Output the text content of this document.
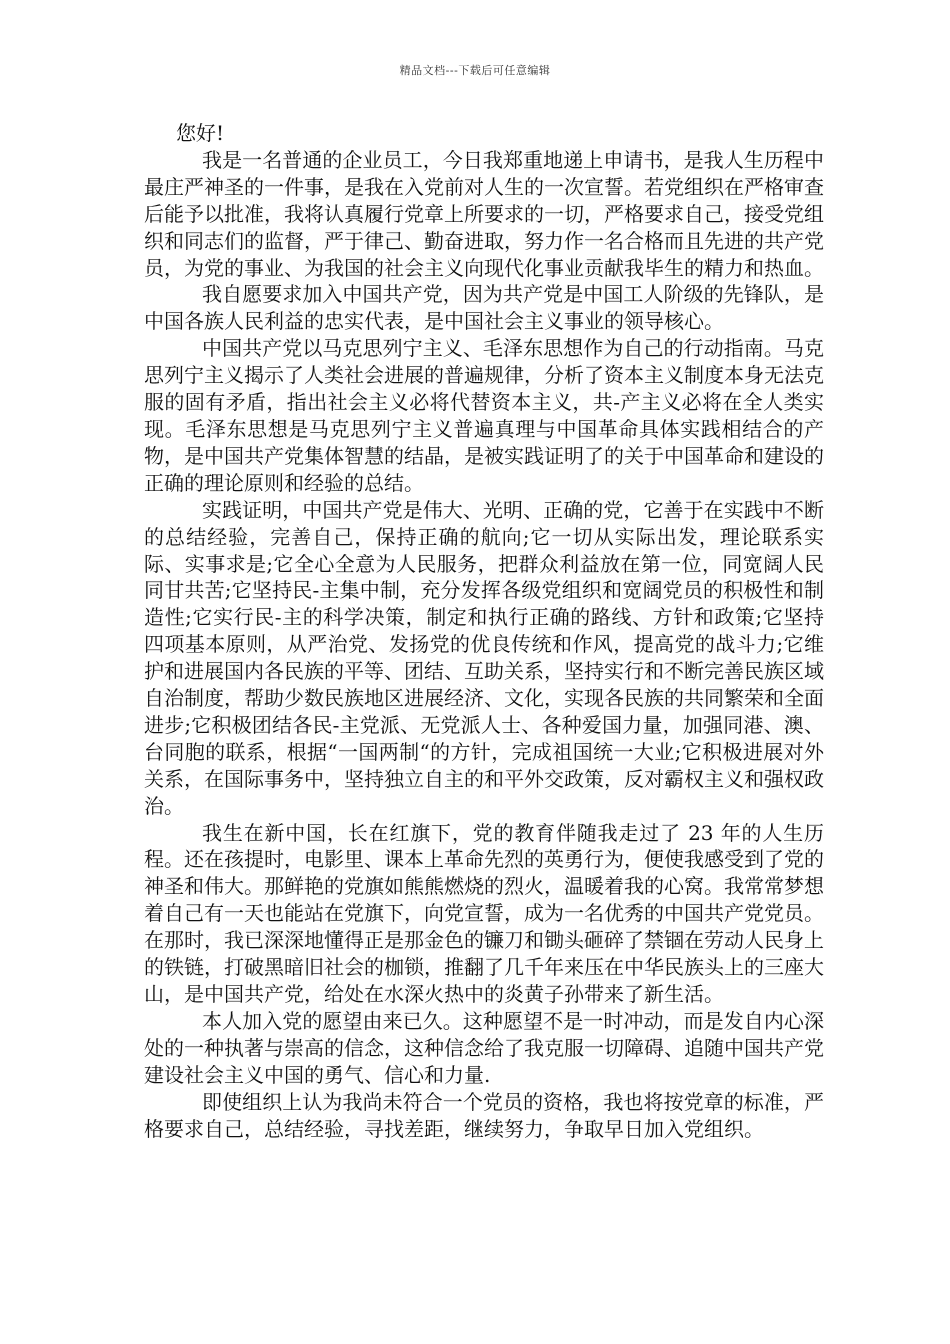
精品文档---下载后可任意编辑

您好!

我是一名普通的企业员工，今日我郑重地递上申请书，是我人生历程中最庄严神圣的一件事，是我在入党前对人生的一次宣誓。若党组织在严格审查后能予以批准，我将认真履行党章上所要求的一切，严格要求自己，接受党组织和同志们的监督，严于律己、勤奋进取，努力作一名合格而且先进的共产党员，为党的事业、为我国的社会主义向现代化事业贡献我毕生的精力和热血。

我自愿要求加入中国共产党，因为共产党是中国工人阶级的先锋队，是中国各族人民利益的忠实代表，是中国社会主义事业的领导核心。

中国共产党以马克思列宁主义、毛泽东思想作为自己的行动指南。马克思列宁主义揭示了人类社会进展的普遍规律，分析了资本主义制度本身无法克服的固有矛盾，指出社会主义必将代替资本主义，共-产主义必将在全人类实现。毛泽东思想是马克思列宁主义普遍真理与中国革命具体实践相结合的产物，是中国共产党集体智慧的结晶，是被实践证明了的关于中国革命和建设的正确的理论原则和经验的总结。

实践证明，中国共产党是伟大、光明、正确的党，它善于在实践中不断的总结经验，完善自己，保持正确的航向;它一切从实际出发，理论联系实际、实事求是;它全心全意为人民服务，把群众利益放在第一位，同宽阔人民同甘共苦;它坚持民-主集中制，充分发挥各级党组织和宽阔党员的积极性和制造性;它实行民-主的科学决策，制定和执行正确的路线、方针和政策;它坚持四项基本原则，从严治党、发扬党的优良传统和作风，提高党的战斗力;它维护和进展国内各民族的平等、团结、互助关系，坚持实行和不断完善民族区域自治制度，帮助少数民族地区进展经济、文化，实现各民族的共同繁荣和全面进步;它积极团结各民-主党派、无党派人士、各种爱国力量，加强同港、澳、台同胞的联系，根据“一国两制“的方针，完成祖国统一大业;它积极进展对外关系，在国际事务中，坚持独立自主的和平外交政策，反对霸权主义和强权政治。

我生在新中国，长在红旗下，党的教育伴随我走过了 23 年的人生历程。还在孩提时，电影里、课本上革命先烈的英勇行为，便使我感受到了党的神圣和伟大。那鲜艳的党旗如熊熊燃烧的烈火，温暖着我的心窝。我常常梦想着自己有一天也能站在党旗下，向党宣誓，成为一名优秀的中国共产党党员。在那时，我已深深地懂得正是那金色的镰刀和锄头砸碎了禁锢在劳动人民身上的铁链，打破黑暗旧社会的枷锁，推翻了几千年来压在中华民族头上的三座大山，是中国共产党，给处在水深火热中的炎黄子孙带来了新生活。

本人加入党的愿望由来已久。这种愿望不是一时冲动，而是发自内心深处的一种执著与崇高的信念，这种信念给了我克服一切障碍、追随中国共产党建设社会主义中国的勇气、信心和力量.

即使组织上认为我尚未符合一个党员的资格，我也将按党章的标准，严格要求自己，总结经验，寻找差距，继续努力，争取早日加入党组织。
